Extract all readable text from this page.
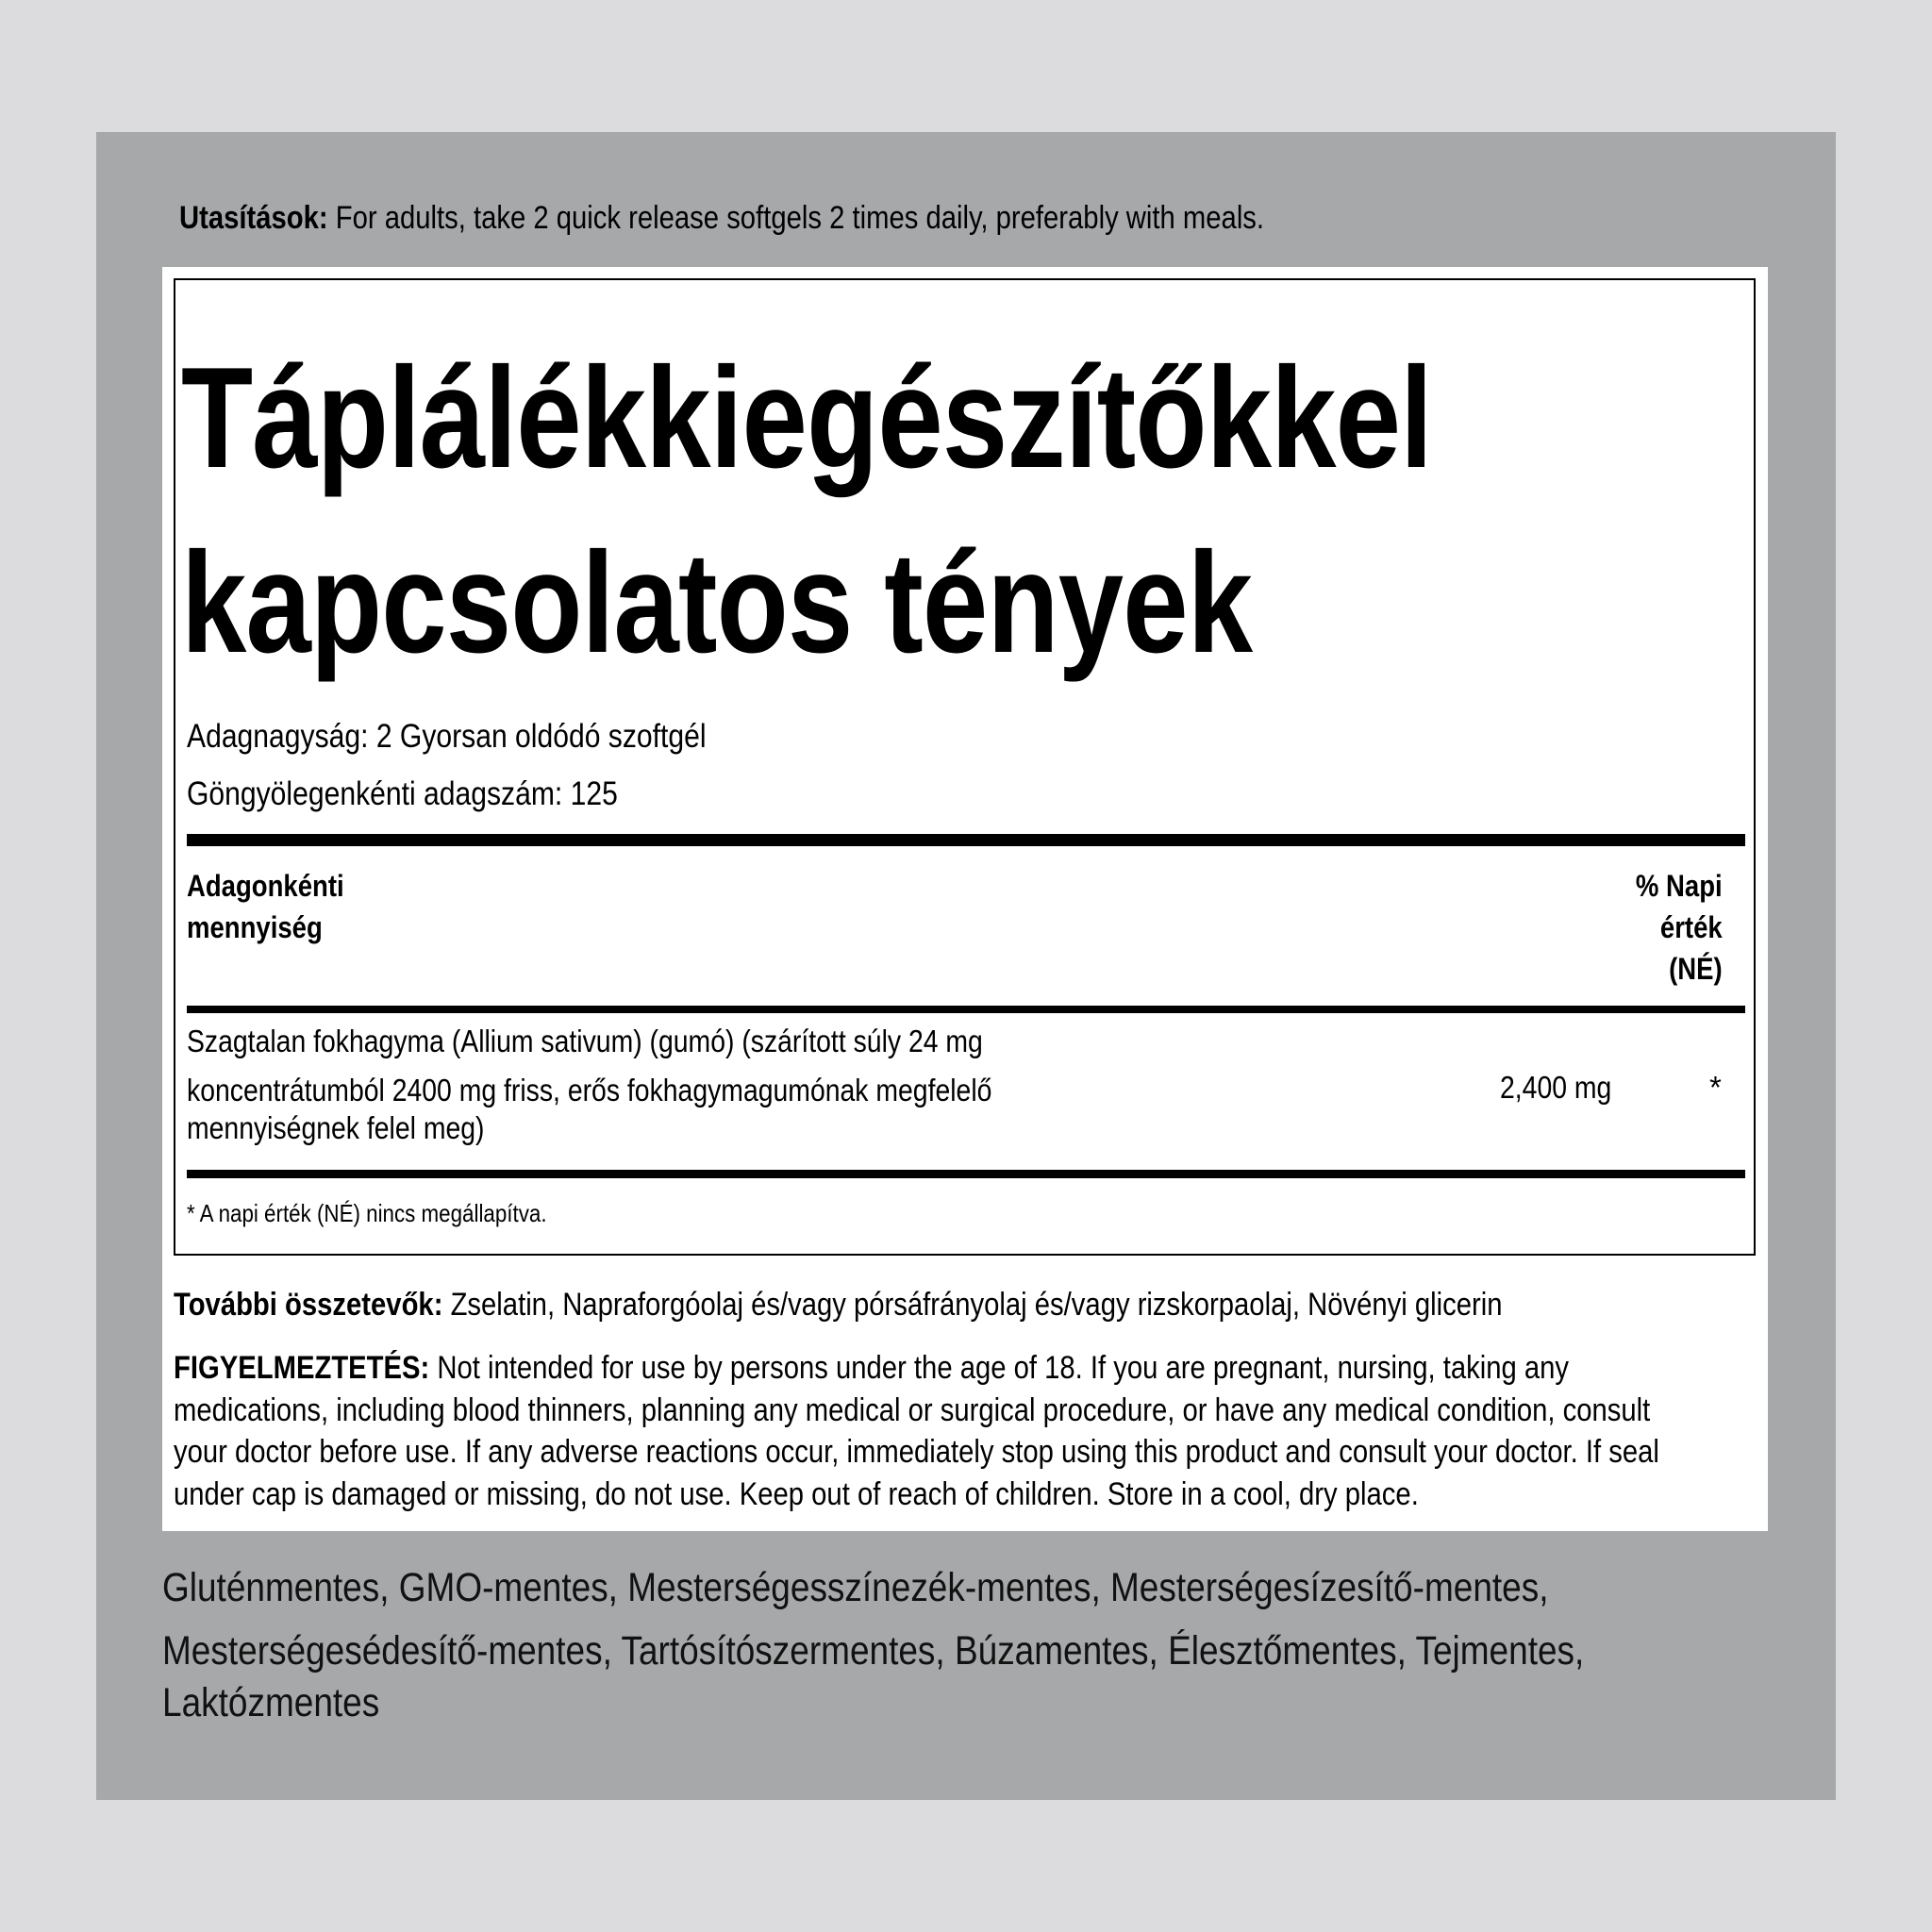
Utasítások: For adults, take 2 quick release softgels 2 times daily, preferably with meals.
Táplálékkiegészítőkkel
kapcsolatos tények
Adagnagyság: 2 Gyorsan oldódó szoftgél
Göngyölegenkénti adagszám: 125
Adagonkénti
mennyiség
% Napi
érték
(NÉ)
Szagtalan fokhagyma (Allium sativum) (gumó) (szárított súly 24 mg
koncentrátumból 2400 mg friss, erős fokhagymagumónak megfelelő
mennyiségnek felel meg)
2,400 mg	*
* A napi érték (NÉ) nincs megállapítva.
További összetevők: Zselatin, Napraforgóolaj és/vagy pórsáfrányolaj és/vagy rizskorpaolaj, Növényi glicerin
FIGYELMEZTETÉS: Not intended for use by persons under the age of 18. If you are pregnant, nursing, taking any
medications, including blood thinners, planning any medical or surgical procedure, or have any medical condition, consult
your doctor before use. If any adverse reactions occur, immediately stop using this product and consult your doctor. If seal
under cap is damaged or missing, do not use. Keep out of reach of children. Store in a cool, dry place.
Gluténmentes, GMO-mentes, Mesterségesszínezék-mentes, Mesterségesízesítő-mentes,
Mesterségesédesítő-mentes, Tartósítószermentes, Búzamentes, Élesztőmentes, Tejmentes,
Laktózmentes
